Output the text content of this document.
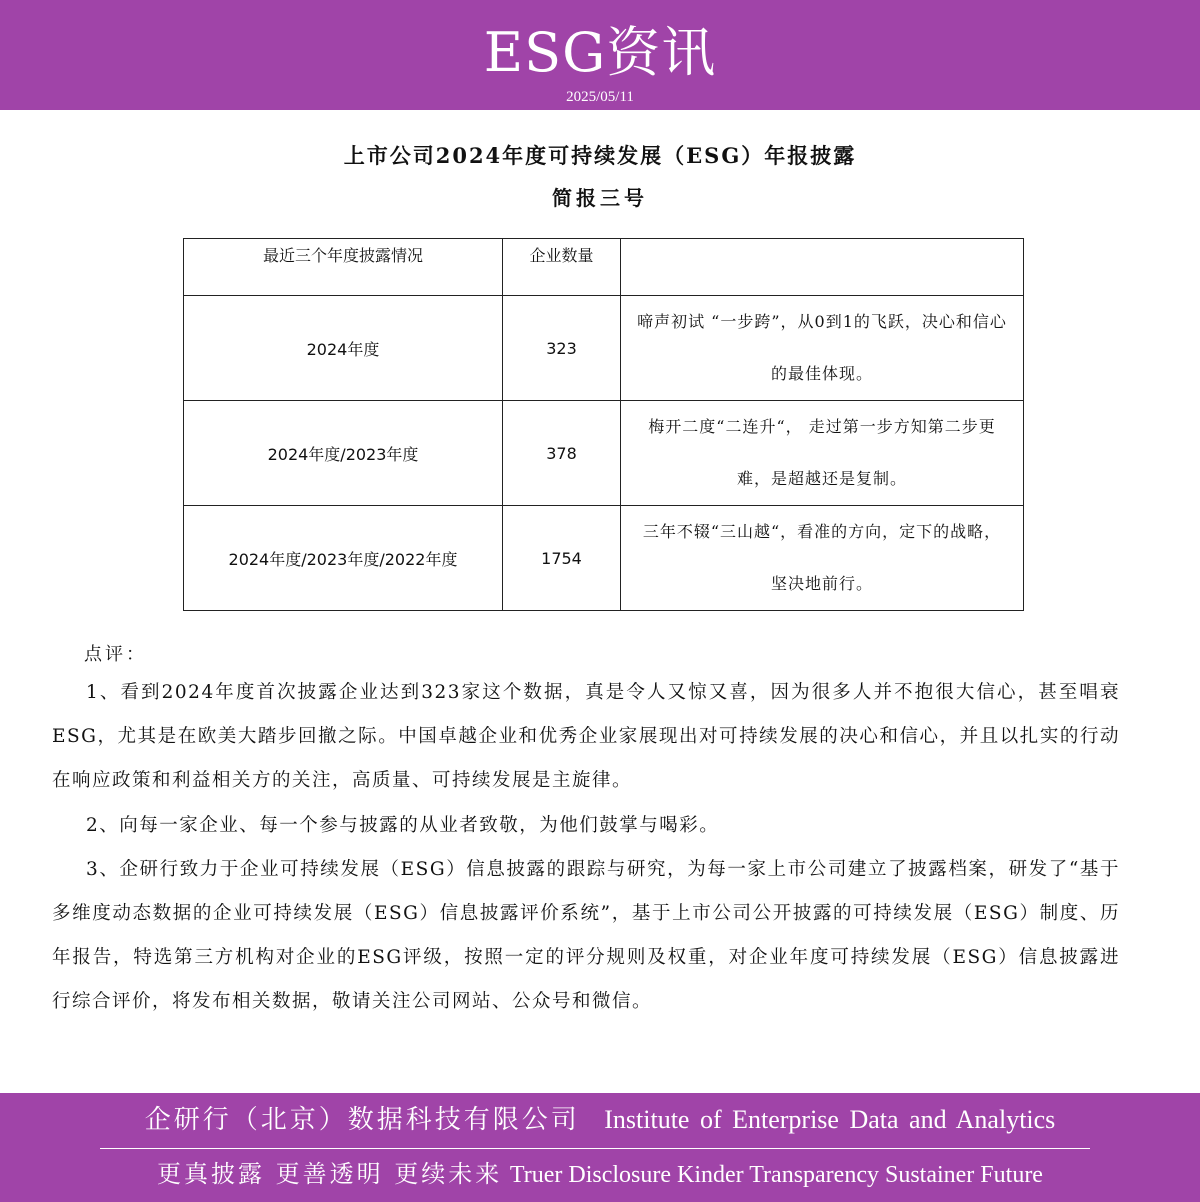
ESG资讯
2025/05/11
上市公司2024年度可持续发展（ESG）年报披露
简报三号
最近三个年度披露情况	企业数量	
2024年度	323	啼声初试 “一步跨”，从0到1的飞跃，决心和信心的最佳体现。
2024年度/2023年度	378	梅开二度“二连升“， 走过第一步方知第二步更难，是超越还是复制。
2024年度/2023年度/2022年度	1754	三年不辍“三山越“，看准的方向，定下的战略，坚决地前行。
点评：
1、看到2024年度首次披露企业达到323家这个数据，真是令人又惊又喜，因为很多人并不抱很大信心，甚至唱衰ESG，尤其是在欧美大踏步回撤之际。中国卓越企业和优秀企业家展现出对可持续发展的决心和信心，并且以扎实的行动在响应政策和利益相关方的关注，高质量、可持续发展是主旋律。
2、向每一家企业、每一个参与披露的从业者致敬，为他们鼓掌与喝彩。
3、企研行致力于企业可持续发展（ESG）信息披露的跟踪与研究，为每一家上市公司建立了披露档案，研发了“基于多维度动态数据的企业可持续发展（ESG）信息披露评价系统”，基于上市公司公开披露的可持续发展（ESG）制度、历年报告，特选第三方机构对企业的ESG评级，按照一定的评分规则及权重，对企业年度可持续发展（ESG）信息披露进行综合评价，将发布相关数据，敬请关注公司网站、公众号和微信。
企研行（北京）数据科技有限公司 Institute of Enterprise Data and Analytics
更真披露 更善透明 更续未来 Truer Disclosure Kinder Transparency Sustainer Future
